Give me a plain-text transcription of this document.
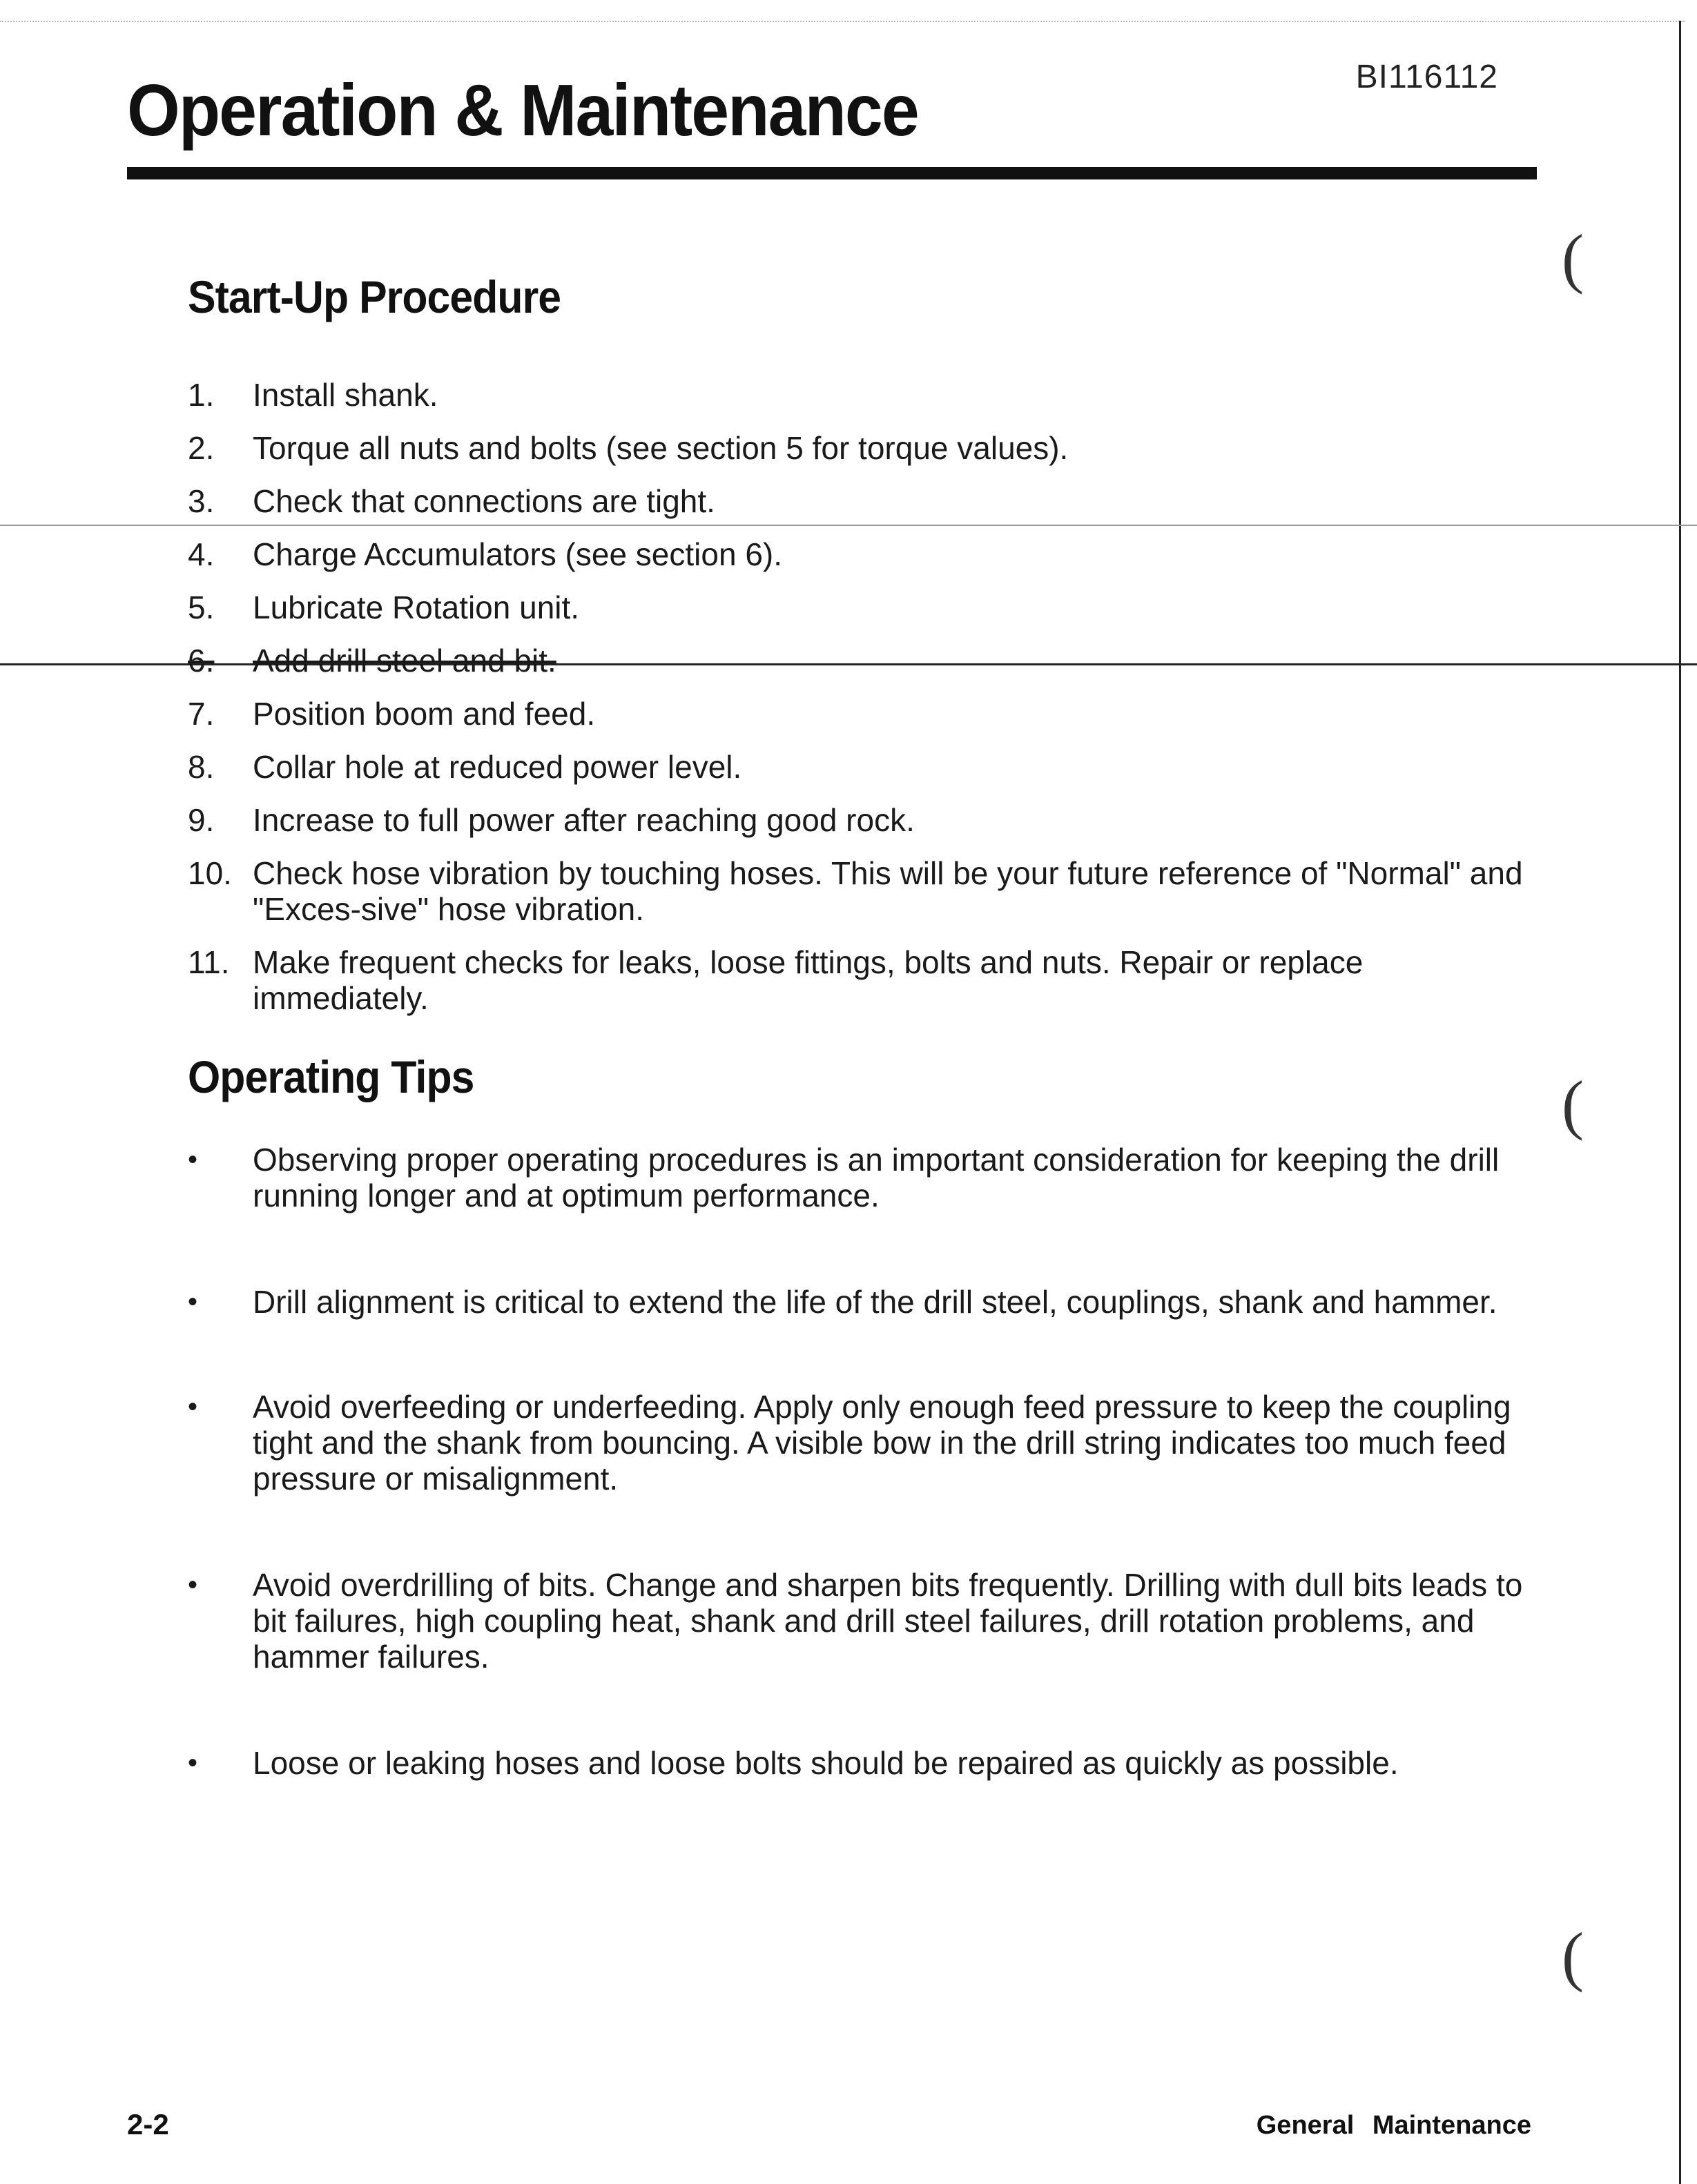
BI116112
Operation & Maintenance
Start-Up Procedure
1.	Install shank.
2.	Torque all nuts and bolts (see section 5 for torque values).
3.	Check that connections are tight.
4.	Charge Accumulators (see section 6).
5.	Lubricate Rotation unit.
6.	Add drill steel and bit.
7.	Position boom and feed.
8.	Collar hole at reduced power level.
9.	Increase to full power after reaching good rock.
10. Check hose vibration by touching hoses. This will be your future reference of "Normal" and "Exces-sive" hose vibration.
11. Make frequent checks for leaks, loose fittings, bolts and nuts. Repair or replace immediately.
Operating Tips
•	Observing proper operating procedures is an important consideration for keeping the drill running longer and at optimum performance.
•	Drill alignment is critical to extend the life of the drill steel, couplings, shank and hammer.
•	Avoid overfeeding or underfeeding. Apply only enough feed pressure to keep the coupling tight and the shank from bouncing. A visible bow in the drill string indicates too much feed pressure or misalignment.
•	Avoid overdrilling of bits. Change and sharpen bits frequently. Drilling with dull bits leads to bit failures, high coupling heat, shank and drill steel failures, drill rotation problems, and hammer failures.
•	Loose or leaking hoses and loose bolts should be repaired as quickly as possible.
(
(
(
2-2	General Maintenance
